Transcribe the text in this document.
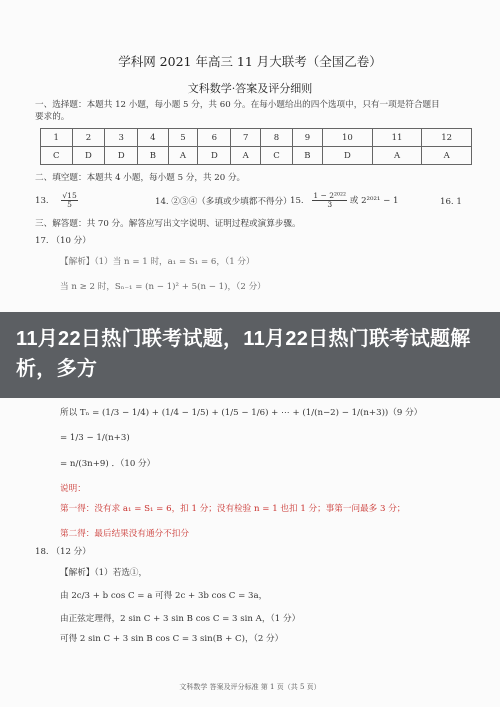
学科网 2021 年高三 11 月大联考（全国乙卷）
文科数学·答案及评分细则
一、选择题：本题共 12 小题，每小题 5 分，共 60 分。在每小题给出的四个选项中，只有一项是符合题目
要求的。
1	2	3	4	5	6	7	8	9	10	11	12
C	D	D	B	A	D	A	C	B	D	A	A
二、填空题：本题共 4 小题，每小题 5 分，共 20 分。
13. $\frac{√15}{5}$	14. ②③④（多填或少填都不得分）
15. $\frac{\text{1 − 2²⁰²²}}{3}$ 或 2²⁰²¹ − 1	16. 1
三、解答题：共 70 分。解答应写出文字说明、证明过程或演算步骤。
17. （10 分）
【解析】（1）当 n = 1 时，a₁ = S₁ = 6，（1 分）
当 n ≥ 2 时，Sₙ₋₁ = (n − 1)² + 5(n − 1)，（2 分）
11月22日热门联考试题，11月22日热门联考试题解析，多方
所以 Tₙ = (1/3 − 1/4) + (1/4 − 1/5) + (1/5 − 1/6) + ⋯ + (1/(n−2) − 1/(n+3))（9 分）
= 1/3 − 1/(n+3)
= n/(3n+9) ．（10 分）
说明：
第一得：没有求 a₁ = S₁ = 6，扣 1 分；没有检验 n = 1 也扣 1 分；事第一问最多 3 分；
第二得：最后结果没有通分不扣分
18. （12 分）
【解析】（1）若选①，
由 2c/3 + b cos C = a 可得 2c + 3b cos C = 3a，
由正弦定理得，2 sin C + 3 sin B cos C = 3 sin A，（1 分）
可得 2 sin C + 3 sin B cos C = 3 sin(B + C)，（2 分）
文科数学 答案及评分标准 第 1 页（共 5 页）
